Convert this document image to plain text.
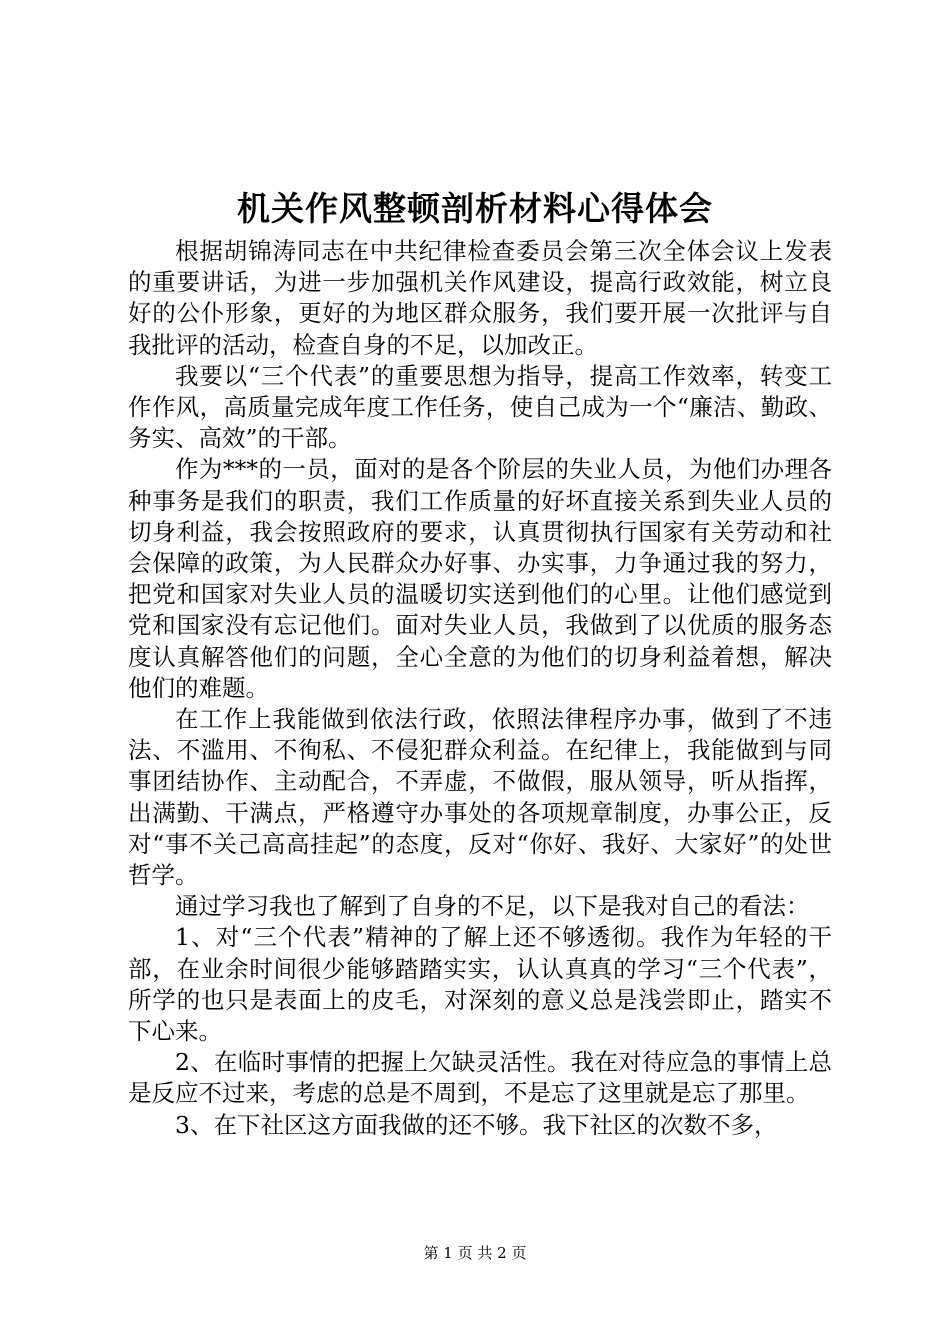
机关作风整顿剖析材料心得体会

根据胡锦涛同志在中共纪律检查委员会第三次全体会议上发表的重要讲话，为进一步加强机关作风建设，提高行政效能，树立良好的公仆形象，更好的为地区群众服务，我们要开展一次批评与自我批评的活动，检查自身的不足，以加改正。

我要以“三个代表”的重要思想为指导，提高工作效率，转变工作作风，高质量完成年度工作任务，使自己成为一个“廉洁、勤政、务实、高效”的干部。

作为***的一员，面对的是各个阶层的失业人员，为他们办理各种事务是我们的职责，我们工作质量的好坏直接关系到失业人员的切身利益，我会按照政府的要求，认真贯彻执行国家有关劳动和社会保障的政策，为人民群众办好事、办实事，力争通过我的努力，把党和国家对失业人员的温暖切实送到他们的心里。让他们感觉到党和国家没有忘记他们。面对失业人员，我做到了以优质的服务态度认真解答他们的问题，全心全意的为他们的切身利益着想，解决他们的难题。

在工作上我能做到依法行政，依照法律程序办事，做到了不违法、不滥用、不徇私、不侵犯群众利益。在纪律上，我能做到与同事团结协作、主动配合，不弄虚，不做假，服从领导，听从指挥，出满勤、干满点，严格遵守办事处的各项规章制度，办事公正，反对“事不关己高高挂起”的态度，反对“你好、我好、大家好”的处世哲学。

通过学习我也了解到了自身的不足，以下是我对自己的看法：

1、对“三个代表”精神的了解上还不够透彻。我作为年轻的干部，在业余时间很少能够踏踏实实，认认真真的学习“三个代表”，所学的也只是表面上的皮毛，对深刻的意义总是浅尝即止，踏实不下心来。

2、在临时事情的把握上欠缺灵活性。我在对待应急的事情上总是反应不过来，考虑的总是不周到，不是忘了这里就是忘了那里。

3、在下社区这方面我做的还不够。我下社区的次数不多，

第 1 页 共 2 页
